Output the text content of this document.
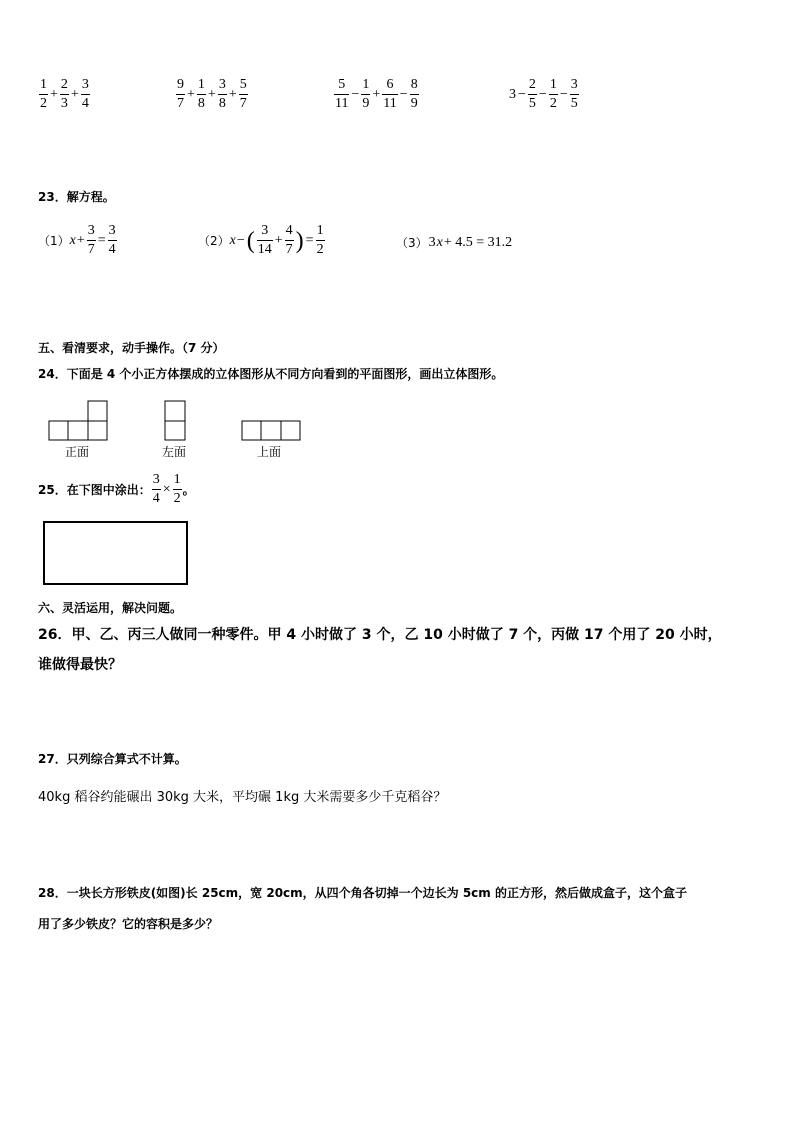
$\frac{1}{2} + \frac{2}{3} + \frac{3}{4}$	$\frac{9}{7} + \frac{1}{8} + \frac{3}{8} + \frac{5}{7}$	$\frac{5}{11} - \frac{1}{9} + \frac{6}{11} - \frac{8}{9}$	$3 - \frac{2}{5} - \frac{1}{2} - \frac{3}{5}$
23．解方程。
（1） $x + \frac{3}{7} = \frac{3}{4}$	（2） x − ( $\frac{3}{14} + \frac{4}{7}$ ) = $\frac{1}{2}$	（3） 3 x + 4.5 = 31.2
五、看清要求，动手操作。（7 分）
24．下面是 4 个小正方体摆成的立体图形从不同方向看到的平面图形，画出立体图形。
正面	左面	上面
25．在下图中涂出： $\frac{3}{4} \times \frac{1}{2}$ 。
六、灵活运用，解决问题。
26．甲、乙、丙三人做同一种零件。甲 4 小时做了 3 个，乙 10 小时做了 7 个，丙做 17 个用了 20 小时，
谁做得最快？
27．只列综合算式不计算。
40kg 稻谷约能碾出 30kg 大米，平均碾 1kg 大米需要多少千克稻谷？
28．一块长方形铁皮(如图)长 25cm，宽 20cm，从四个角各切掉一个边长为 5cm 的正方形，然后做成盒子，这个盒子
用了多少铁皮？它的容积是多少？
